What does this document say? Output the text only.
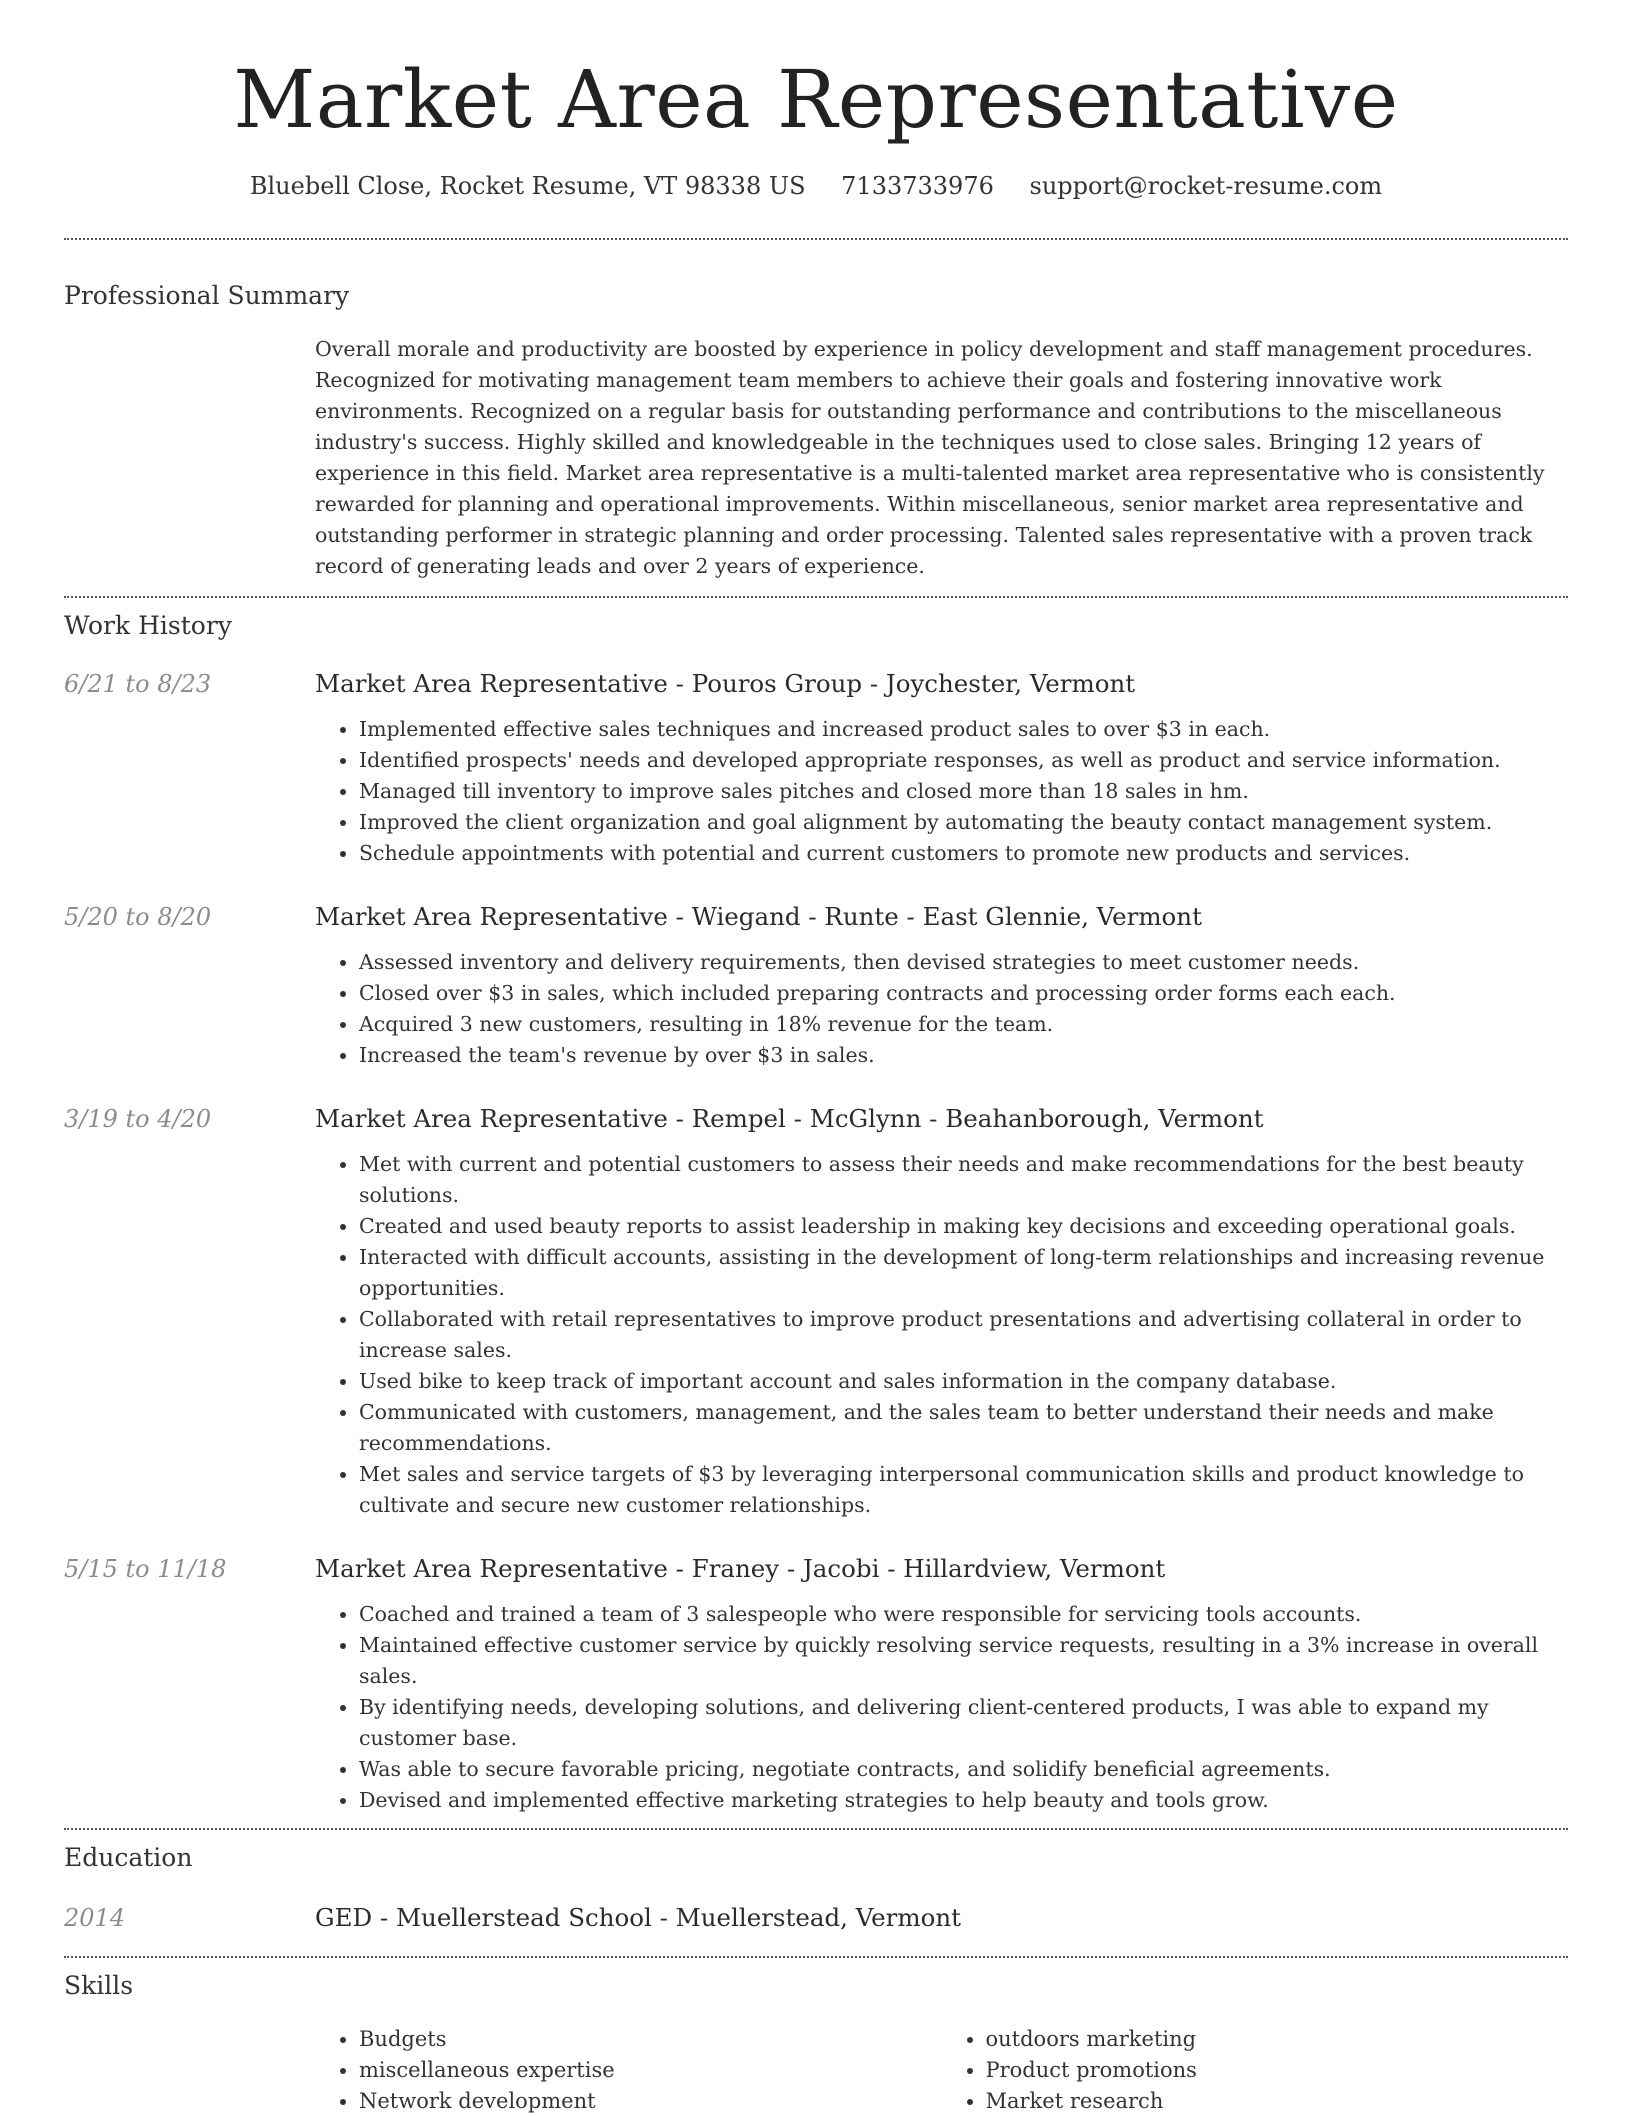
Market Area Representative
Bluebell Close, Rocket Resume, VT 98338 US 7133733976 support@rocket-resume.com
Professional Summary
Overall morale and productivity are boosted by experience in policy development and staff management procedures. Recognized for motivating management team members to achieve their goals and fostering innovative work environments. Recognized on a regular basis for outstanding performance and contributions to the miscellaneous industry's success. Highly skilled and knowledgeable in the techniques used to close sales. Bringing 12 years of experience in this field. Market area representative is a multi-talented market area representative who is consistently rewarded for planning and operational improvements. Within miscellaneous, senior market area representative and outstanding performer in strategic planning and order processing. Talented sales representative with a proven track record of generating leads and over 2 years of experience.
Work History
6/21 to 8/23	Market Area Representative - Pouros Group - Joychester, Vermont
• Implemented effective sales techniques and increased product sales to over $3 in each.
• Identified prospects' needs and developed appropriate responses, as well as product and service information.
• Managed till inventory to improve sales pitches and closed more than 18 sales in hm.
• Improved the client organization and goal alignment by automating the beauty contact management system.
• Schedule appointments with potential and current customers to promote new products and services.
5/20 to 8/20	Market Area Representative - Wiegand - Runte - East Glennie, Vermont
• Assessed inventory and delivery requirements, then devised strategies to meet customer needs.
• Closed over $3 in sales, which included preparing contracts and processing order forms each each.
• Acquired 3 new customers, resulting in 18% revenue for the team.
• Increased the team's revenue by over $3 in sales.
3/19 to 4/20	Market Area Representative - Rempel - McGlynn - Beahanborough, Vermont
• Met with current and potential customers to assess their needs and make recommendations for the best beauty solutions.
• Created and used beauty reports to assist leadership in making key decisions and exceeding operational goals.
• Interacted with difficult accounts, assisting in the development of long-term relationships and increasing revenue opportunities.
• Collaborated with retail representatives to improve product presentations and advertising collateral in order to increase sales.
• Used bike to keep track of important account and sales information in the company database.
• Communicated with customers, management, and the sales team to better understand their needs and make recommendations.
• Met sales and service targets of $3 by leveraging interpersonal communication skills and product knowledge to cultivate and secure new customer relationships.
5/15 to 11/18	Market Area Representative - Franey - Jacobi - Hillardview, Vermont
• Coached and trained a team of 3 salespeople who were responsible for servicing tools accounts.
• Maintained effective customer service by quickly resolving service requests, resulting in a 3% increase in overall sales.
• By identifying needs, developing solutions, and delivering client-centered products, I was able to expand my customer base.
• Was able to secure favorable pricing, negotiate contracts, and solidify beneficial agreements.
• Devised and implemented effective marketing strategies to help beauty and tools grow.
Education
2014	GED - Muellerstead School - Muellerstead, Vermont
Skills
• Budgets
• miscellaneous expertise
• Network development
• outdoors marketing
• Product promotions
• Market research
